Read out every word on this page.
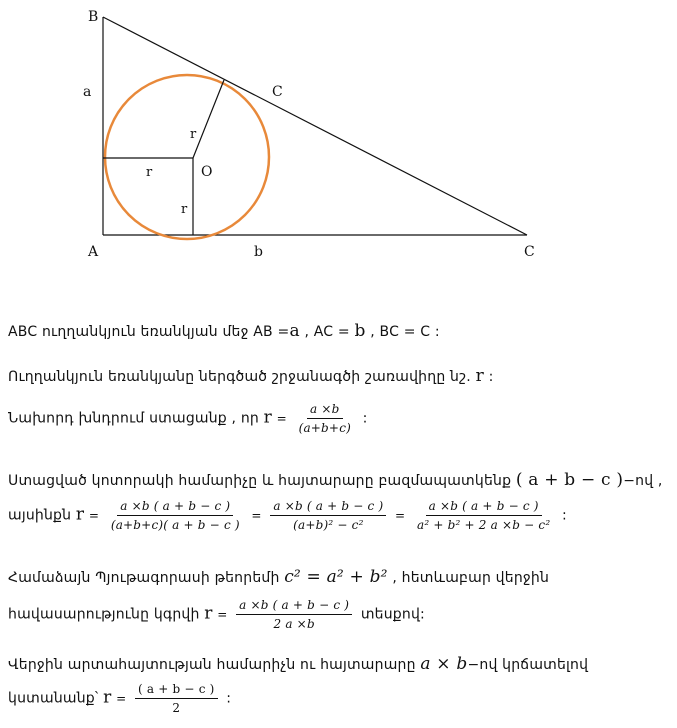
B
a	C
r
r	O
r
A	b	C
ABC ուղղանկյուն եռանկյան մեջ AB =a , AC = b , BC = C :
Ուղղանկյուն եռանկյանը ներգծած շրջանագծի շառավիղը նշ. r :
Նախորդ խնդրում ստացանք , որ $r = \frac{a \times b}{(a+b+c)}$ :
Ստացված կոտորակի համարիչը և հայտարարը բազմապատկենք ( a + b − c )−ով ,
այսինքն $r = \frac{a \times b ( a + b - c )}{(a+b+c)( a + b - c )} = \frac{a \times b ( a + b - c )}{\text{(a+b)² − c²}} = \frac{a \times b ( a + b - c )}{\text{a² + b² + 2 a ×b − c²}}$ :
Համաձայն Պյութագորասի թեորեմի c² = a² + b² , հետևաբար վերջին
հավասարությունը կգրվի $r = \frac{a \times b ( a + b - c )}{2 a \times b}$ տեսքով:
Վերջին արտահայտության համարիչն ու հայտարարը a × b−ով կրճատելով
կստանանք՝ $r = \frac{( a + b - c )}{2}$ :
